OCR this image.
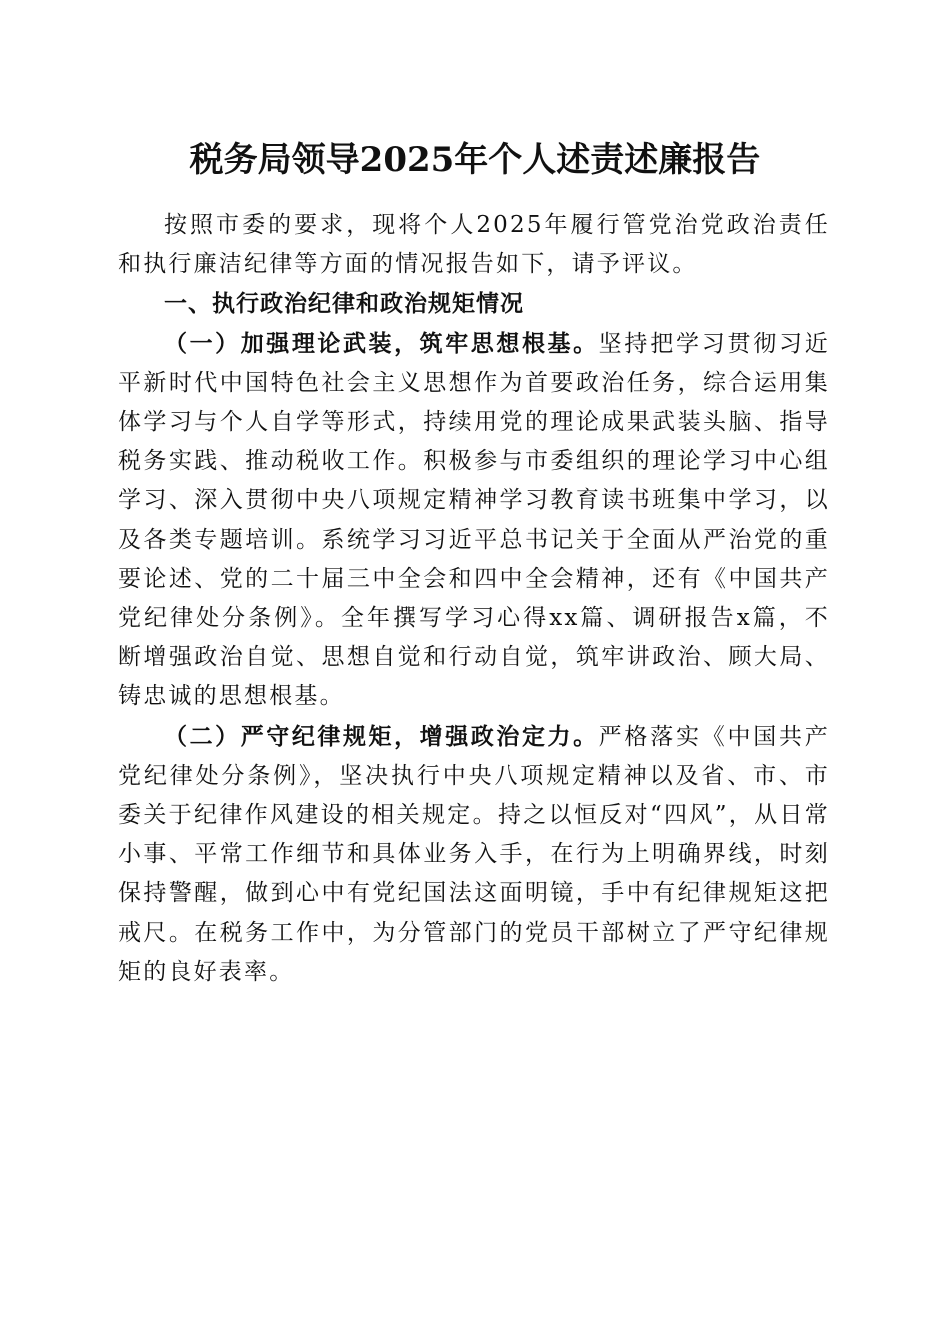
税务局领导2025年个人述责述廉报告

按照市委的要求，现将个人2025年履行管党治党政治责任和执行廉洁纪律等方面的情况报告如下，请予评议。

一、执行政治纪律和政治规矩情况

（一）加强理论武装，筑牢思想根基。坚持把学习贯彻习近平新时代中国特色社会主义思想作为首要政治任务，综合运用集体学习与个人自学等形式，持续用党的理论成果武装头脑、指导税务实践、推动税收工作。积极参与市委组织的理论学习中心组学习、深入贯彻中央八项规定精神学习教育读书班集中学习，以及各类专题培训。系统学习习近平总书记关于全面从严治党的重要论述、党的二十届三中全会和四中全会精神，还有《中国共产党纪律处分条例》。全年撰写学习心得xx篇、调研报告x篇，不断增强政治自觉、思想自觉和行动自觉，筑牢讲政治、顾大局、铸忠诚的思想根基。

（二）严守纪律规矩，增强政治定力。严格落实《中国共产党纪律处分条例》，坚决执行中央八项规定精神以及省、市、市委关于纪律作风建设的相关规定。持之以恒反对“四风”，从日常小事、平常工作细节和具体业务入手，在行为上明确界线，时刻保持警醒，做到心中有党纪国法这面明镜，手中有纪律规矩这把戒尺。在税务工作中，为分管部门的党员干部树立了严守纪律规矩的良好表率。
